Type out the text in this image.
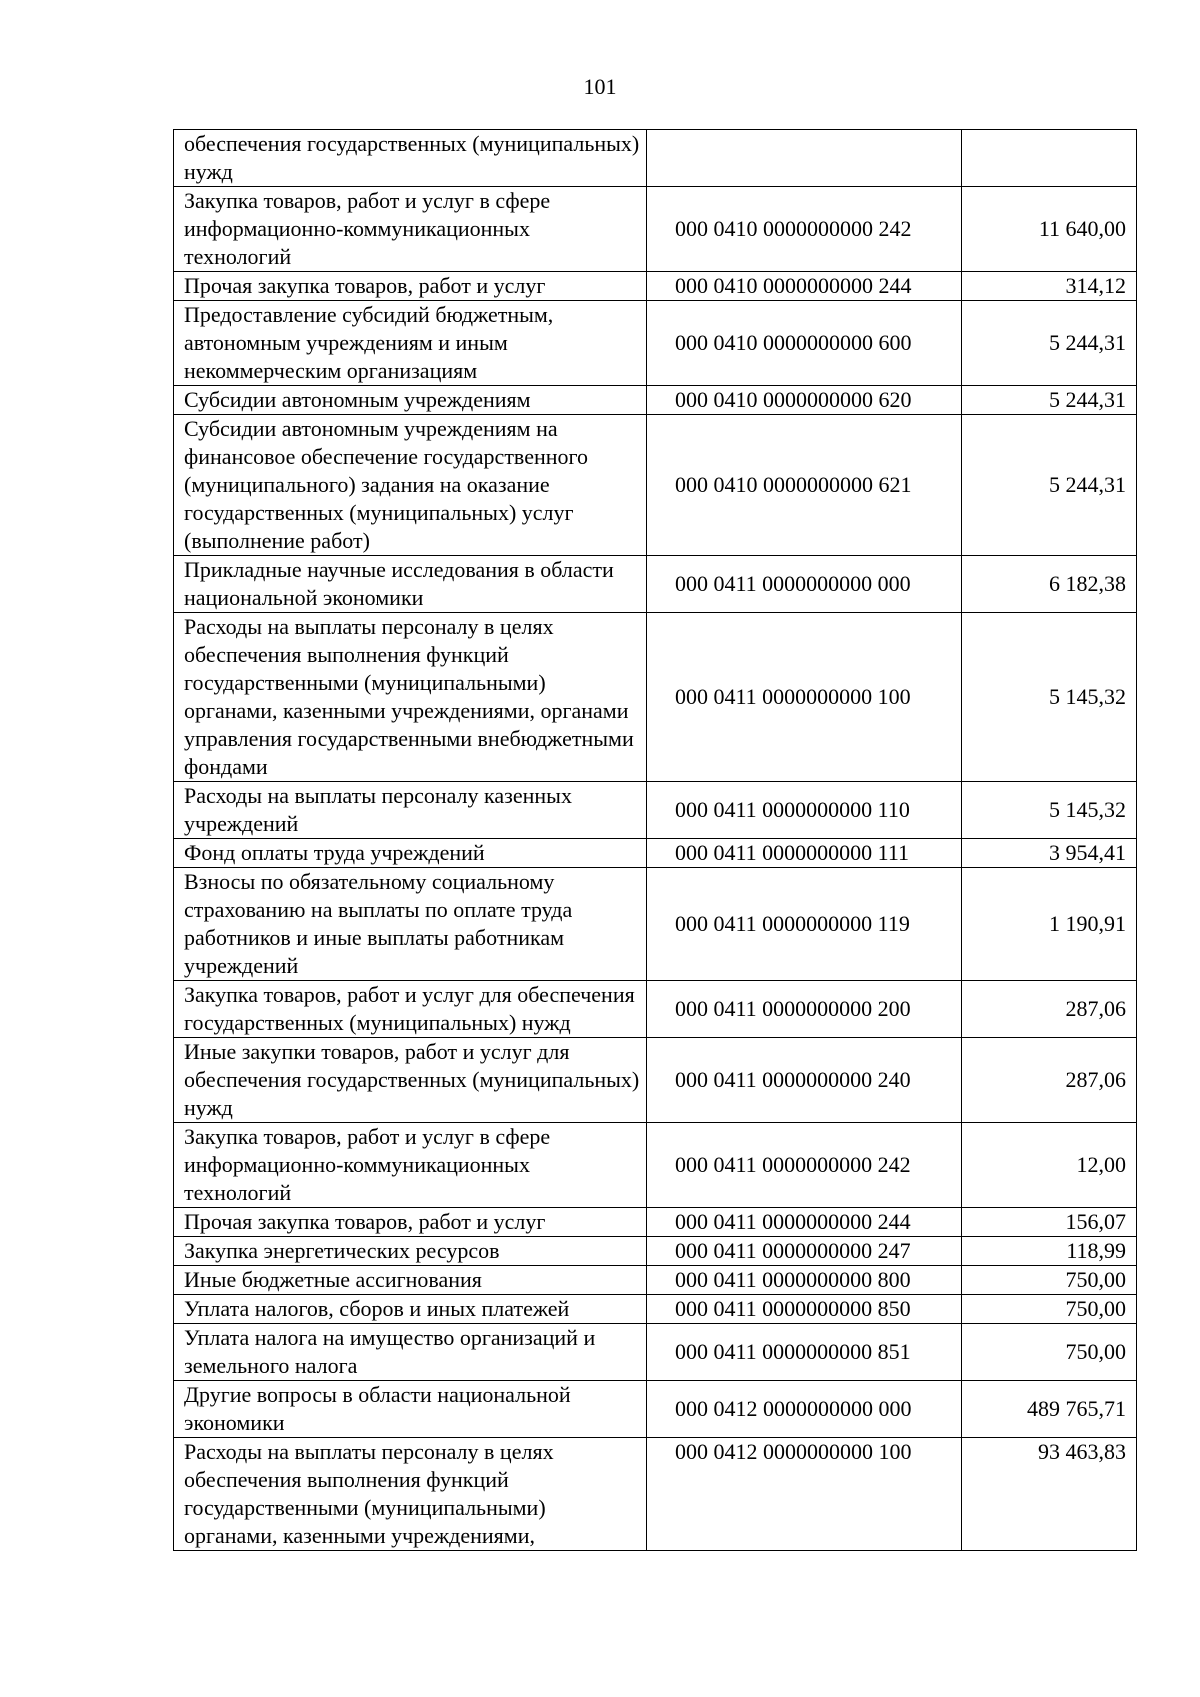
101
обеспечения государственных (муниципальных) нужд		
Закупка товаров, работ и услуг в сфере информационно-коммуникационных технологий	000 0410 0000000000 242	11 640,00
Прочая закупка товаров, работ и услуг	000 0410 0000000000 244	314,12
Предоставление субсидий бюджетным, автономным учреждениям и иным некоммерческим организациям	000 0410 0000000000 600	5 244,31
Субсидии автономным учреждениям	000 0410 0000000000 620	5 244,31
Субсидии автономным учреждениям на финансовое обеспечение государственного (муниципального) задания на оказание государственных (муниципальных) услуг (выполнение работ)	000 0410 0000000000 621	5 244,31
Прикладные научные исследования в области национальной экономики	000 0411 0000000000 000	6 182,38
Расходы на выплаты персоналу в целях обеспечения выполнения функций государственными (муниципальными) органами, казенными учреждениями, органами управления государственными внебюджетными фондами	000 0411 0000000000 100	5 145,32
Расходы на выплаты персоналу казенных учреждений	000 0411 0000000000 110	5 145,32
Фонд оплаты труда учреждений	000 0411 0000000000 111	3 954,41
Взносы по обязательному социальному страхованию на выплаты по оплате труда работников и иные выплаты работникам учреждений	000 0411 0000000000 119	1 190,91
Закупка товаров, работ и услуг для обеспечения государственных (муниципальных) нужд	000 0411 0000000000 200	287,06
Иные закупки товаров, работ и услуг для обеспечения государственных (муниципальных) нужд	000 0411 0000000000 240	287,06
Закупка товаров, работ и услуг в сфере информационно-коммуникационных технологий	000 0411 0000000000 242	12,00
Прочая закупка товаров, работ и услуг	000 0411 0000000000 244	156,07
Закупка энергетических ресурсов	000 0411 0000000000 247	118,99
Иные бюджетные ассигнования	000 0411 0000000000 800	750,00
Уплата налогов, сборов и иных платежей	000 0411 0000000000 850	750,00
Уплата налога на имущество организаций и земельного налога	000 0411 0000000000 851	750,00
Другие вопросы в области национальной экономики	000 0412 0000000000 000	489 765,71
Расходы на выплаты персоналу в целях обеспечения выполнения функций государственными (муниципальными) органами, казенными учреждениями,	000 0412 0000000000 100	93 463,83
